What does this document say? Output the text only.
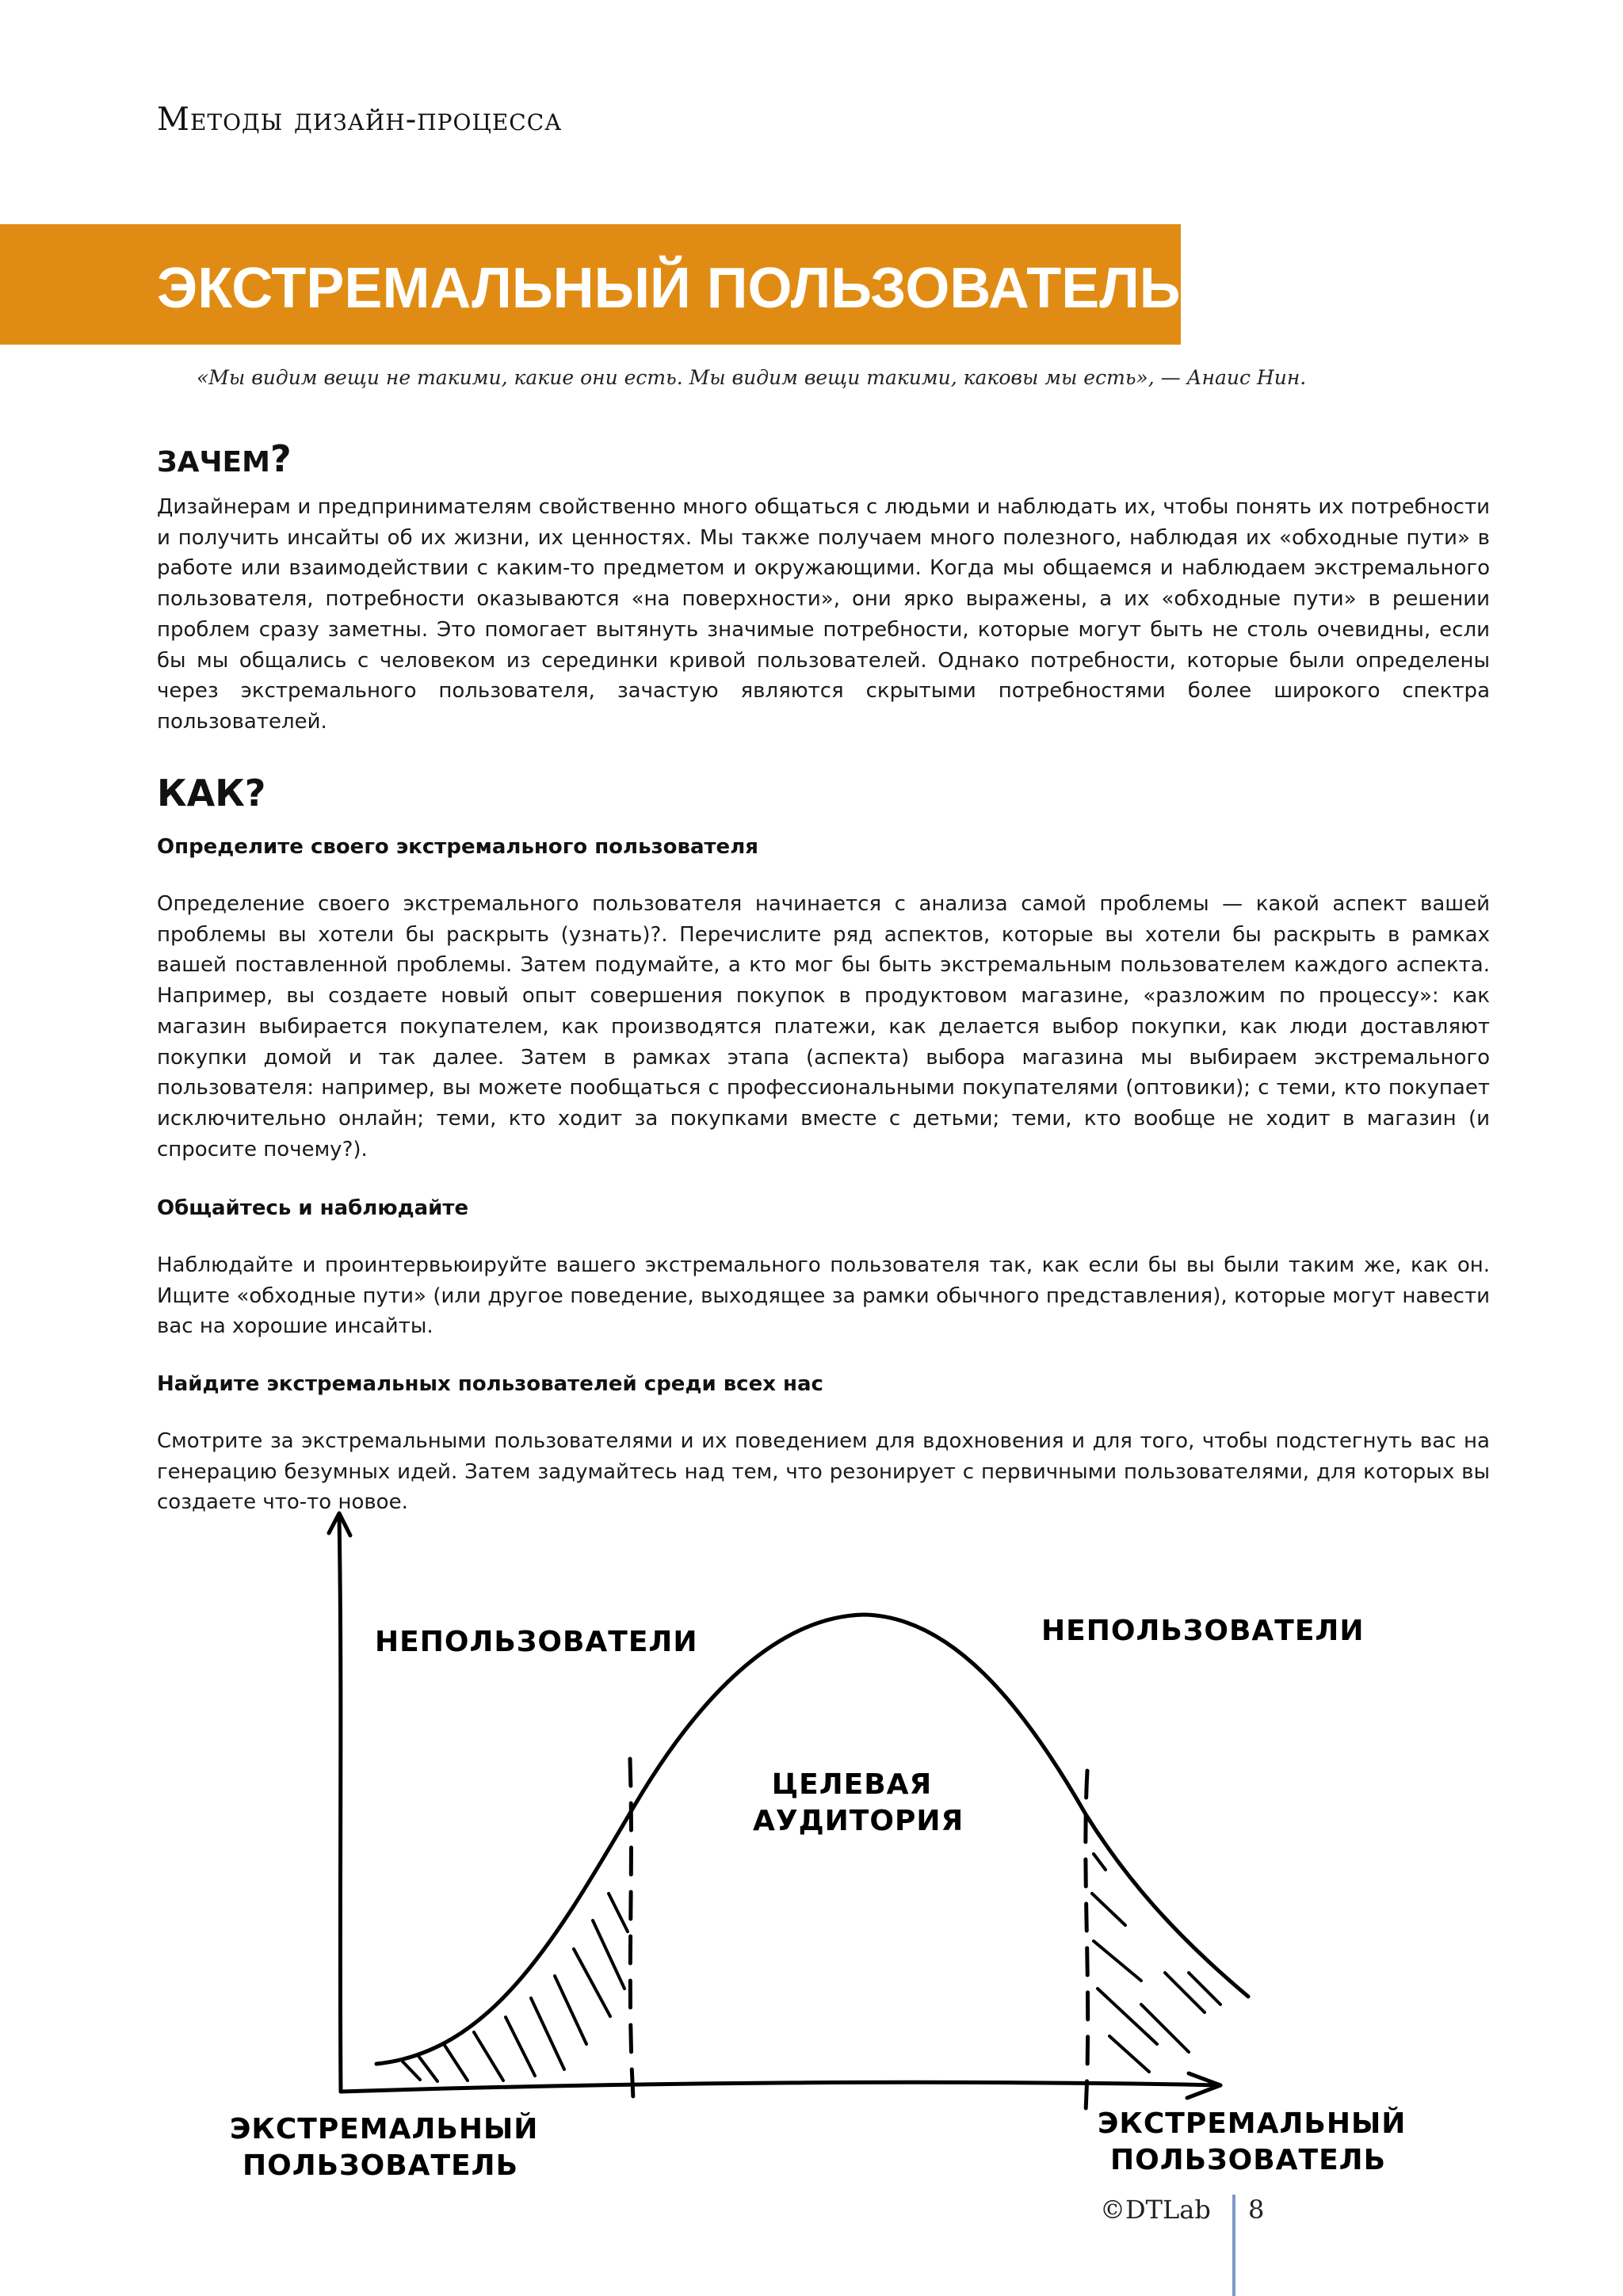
Методы дизайн-процесса
ЭКСТРЕМАЛЬНЫЙ ПОЛЬЗОВАТЕЛЬ

«Мы видим вещи не такими, какие они есть. Мы видим вещи такими, каковы мы есть», — Анаис Нин.

ЗАЧЕМ?

Дизайнерам и предпринимателям свойственно много общаться с людьми и наблюдать их, чтобы понять их потребности и получить инсайты об их жизни, их ценностях. Мы также получаем много полезного, наблюдая их «обходные пути» в работе или взаимодействии с каким-то предметом и окружающими. Когда мы общаемся и наблюдаем экстремального пользователя, потребности оказываются «на поверхности», они ярко выражены, а их «обходные пути» в решении проблем сразу заметны. Это помогает вытянуть значимые потребности, которые могут быть не столь очевидны, если бы мы общались с человеком из серединки кривой пользователей. Однако потребности, которые были определены через экстремального пользователя, зачастую являются скрытыми потребностями более широкого спектра пользователей.

КАК?

Определите своего экстремального пользователя

Определение своего экстремального пользователя начинается с анализа самой проблемы — какой аспект вашей проблемы вы хотели бы раскрыть (узнать)?. Перечислите ряд аспектов, которые вы хотели бы раскрыть в рамках вашей поставленной проблемы. Затем подумайте, а кто мог бы быть экстремальным пользователем каждого аспекта. Например, вы создаете новый опыт совершения покупок в продуктовом магазине, «разложим по процессу»: как магазин выбирается покупателем, как производятся платежи, как делается выбор покупки, как люди доставляют покупки домой и так далее. Затем в рамках этапа (аспекта) выбора магазина мы выбираем экстремального пользователя: например, вы можете пообщаться с профессиональными покупателями (оптовики); с теми, кто покупает исключительно онлайн; теми, кто ходит за покупками вместе с детьми; теми, кто вообще не ходит в магазин (и спросите почему?).

Общайтесь и наблюдайте

Наблюдайте и проинтервьюируйте вашего экстремального пользователя так, как если бы вы были таким же, как он. Ищите «обходные пути» (или другое поведение, выходящее за рамки обычного представления), которые могут навести вас на хорошие инсайты.

Найдите экстремальных пользователей среди всех нас

Смотрите за экстремальными пользователями и их поведением для вдохновения и для того, чтобы подстегнуть вас на генерацию безумных идей. Затем задумайтесь над тем, что резонирует с первичными пользователями, для которых вы создаете что-то новое.

НЕПОЛЬЗОВАТЕЛИ	НЕПОЛЬЗОВАТЕЛИ
ЦЕЛЕВАЯ
АУДИТОРИЯ
ЭКСТРЕМАЛЬНЫЙ
ПОЛЬЗОВАТЕЛЬ
ЭКСТРЕМАЛЬНЫЙ
ПОЛЬЗОВАТЕЛЬ
©DTLab 8
